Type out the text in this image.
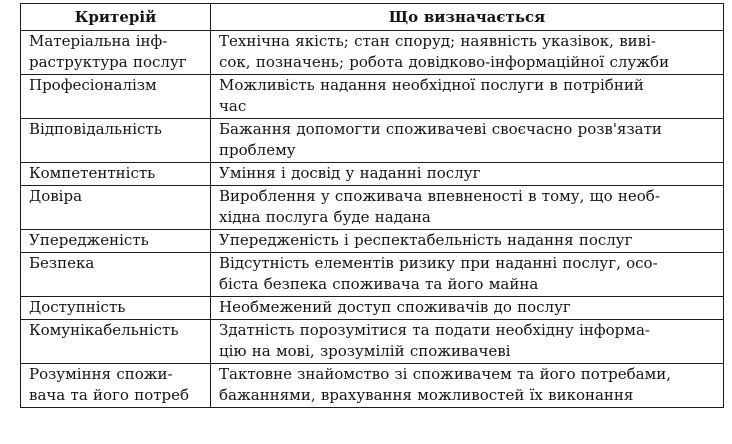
Критерій	Що визначається

Матеріальна інф-
раструктура послуг	Технічна якість; стан споруд; наявність указівок, виві-
сок, позначень; робота довідково-інформаційної служби

Професіоналізм	Можливість надання необхідної послуги в потрібний
час

Відповідальність	Бажання допомогти споживачеві своєчасно розв'язати
проблему

Компетентність	Уміння і досвід у наданні послуг

Довіра	Вироблення у споживача впевненості в тому, що необ-
хідна послуга буде надана

Упередженість	Упередженість і респектабельність надання послуг

Безпека	Відсутність елементів ризику при наданні послуг, осо-
біста безпека споживача та його майна

Доступність	Необмежений доступ споживачів до послуг

Комунікабельність	Здатність порозумітися та подати необхідну інформа-
цію на мові, зрозумілій споживачеві

Розуміння спожи-
вача та його потреб	Тактовне знайомство зі споживачем та його потребами,
бажаннями, врахування можливостей їх виконання
